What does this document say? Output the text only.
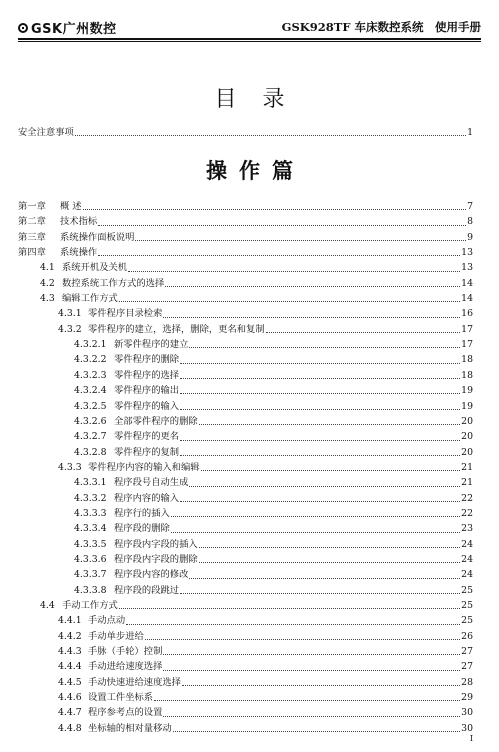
GSK广州数控	GSK928TF 车床数控系统　使用手册
目录
安全注意事项	1
操作篇
第一章	概 述	7
第二章	技术指标	8
第三章	系统操作面板说明	9
第四章	系统操作	13
4.1 系统开机及关机	13
4.2 数控系统工作方式的选择	14
4.3 编辑工作方式	14
4.3.1 零件程序目录检索	16
4.3.2 零件程序的建立，选择，删除，更名和复制	17
4.3.2.1 新零件程序的建立	17
4.3.2.2 零件程序的删除	18
4.3.2.3 零件程序的选择	18
4.3.2.4 零件程序的输出	19
4.3.2.5 零件程序的输入	19
4.3.2.6 全部零件程序的删除	20
4.3.2.7 零件程序的更名	20
4.3.2.8 零件程序的复制	20
4.3.3 零件程序内容的输入和编辑	21
4.3.3.1 程序段号自动生成	21
4.3.3.2 程序内容的输入	22
4.3.3.3 程序行的插入	22
4.3.3.4 程序段的删除	23
4.3.3.5 程序段内字段的插入	24
4.3.3.6 程序段内字段的删除	24
4.3.3.7 程序段内容的修改	24
4.3.3.8 程序段的段跳过	25
4.4 手动工作方式	25
4.4.1 手动点动	25
4.4.2 手动单步进给	26
4.4.3 手脉（手轮）控制	27
4.4.4 手动进给速度选择	27
4.4.5 手动快速进给速度选择	28
4.4.6 设置工件坐标系	29
4.4.7 程序参考点的设置	30
4.4.8 坐标轴的相对量移动	30
I
